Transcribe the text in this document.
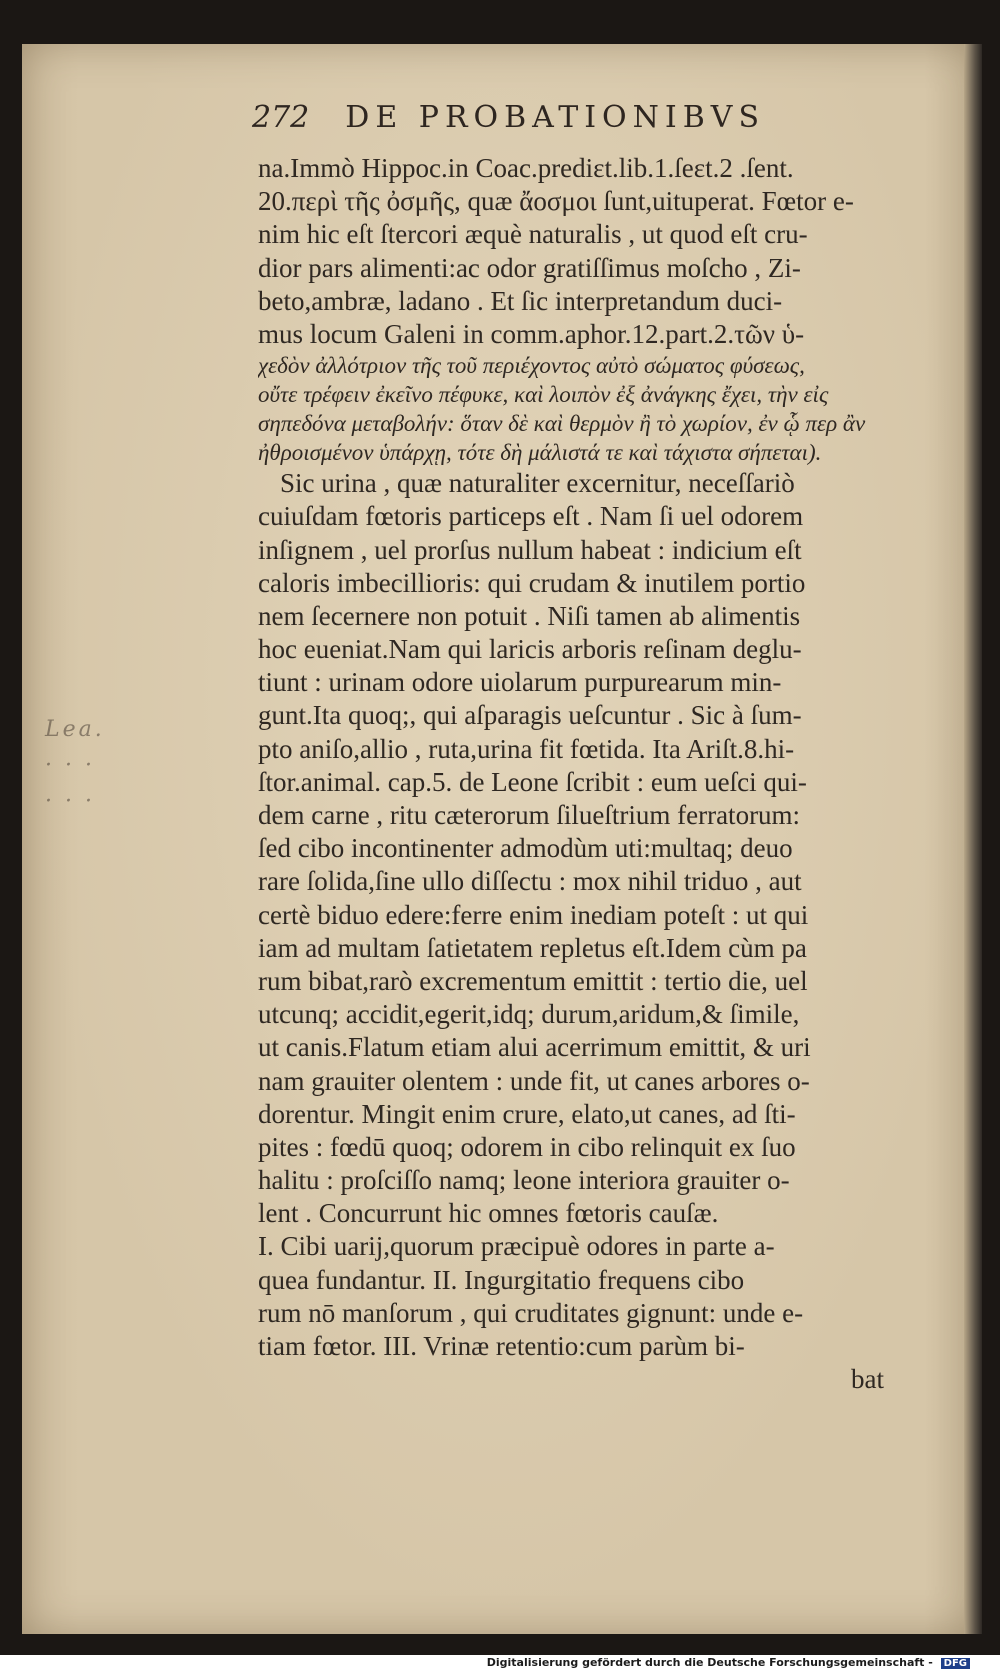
272 DE PROBATIONIBVS
na.Immò Hippoc.in Coac.prediɛt.lib.1.ſeɛt.2 .ſent.
20.περὶ τῆς ὀσμῆς, quæ ἄοσμοι ſunt,uituperat. Fœtor e-
nim hic eſt ſtercori æquè naturalis , ut quod eſt cru-
dior pars alimenti:ac odor gratiſſimus moſcho , Zi-
beto,ambræ, ladano . Et ſic interpretandum duci-
mus locum Galeni in comm.aphor.12.part.2.τῶν ὑ-
χεδὸν ἀλλότριον τῆς τοῦ περιέχοντος αὐτὸ σώματος φύσεως,
οὔτε τρέφειν ἐκεῖνο πέφυκε, καὶ λοιπὸν ἐξ ἀνάγκης ἔχει, τὴν εἰς
σηπεδόνα μεταβολήν: ὅταν δὲ καὶ θερμὸν ἢ τὸ χωρίον, ἐν ᾧ περ ἂν
ἠθροισμένον ὑπάρχῃ, τότε δὴ μάλιστά τε καὶ τάχιστα σήπεται).
Sic urina , quæ naturaliter excernitur, neceſſariò
cuiuſdam fœtoris particeps eſt . Nam ſi uel odorem
inſignem , uel prorſus nullum habeat : indicium eſt
caloris imbecillioris: qui crudam & inutilem portio
nem ſecernere non potuit . Niſi tamen ab alimentis
hoc eueniat.Nam qui laricis arboris reſinam deglu-
tiunt : urinam odore uiolarum purpurearum min-
gunt.Ita quoq;, qui aſparagis ueſcuntur . Sic à ſum-
pto aniſo,allio , ruta,urina fit fœtida. Ita Ariſt.8.hi-
ſtor.animal. cap.5. de Leone ſcribit : eum ueſci qui-
dem carne , ritu cæterorum ſilueſtrium ferratorum:
ſed cibo incontinenter admodùm uti:multaq; deuo
rare ſolida,ſine ullo diſſectu : mox nihil triduo , aut
certè biduo edere:ferre enim inediam poteſt : ut qui
iam ad multam ſatietatem repletus eſt.Idem cùm pa
rum bibat,rarò excrementum emittit : tertio die, uel
utcunq; accidit,egerit,idq; durum,aridum,& ſimile,
ut canis.Flatum etiam alui acerrimum emittit, & uri
nam grauiter olentem : unde fit, ut canes arbores o-
dorentur. Mingit enim crure, elato,ut canes, ad ſti-
pites : fœdū quoq; odorem in cibo relinquit ex ſuo
halitu : proſciſſo namq; leone interiora grauiter o-
lent . Concurrunt hic omnes fœtoris cauſæ.
I. Cibi uarij,quorum præcipuè odores in parte a-
quea fundantur. II. Ingurgitatio frequens cibo
rum nō manſorum , qui cruditates gignunt: unde e-
tiam fœtor. III. Vrinæ retentio:cum parùm bi-
bat
Lea.
· · ·
· · ·
Digitalisierung gefördert durch die Deutsche Forschungsgemeinschaft - DFG
